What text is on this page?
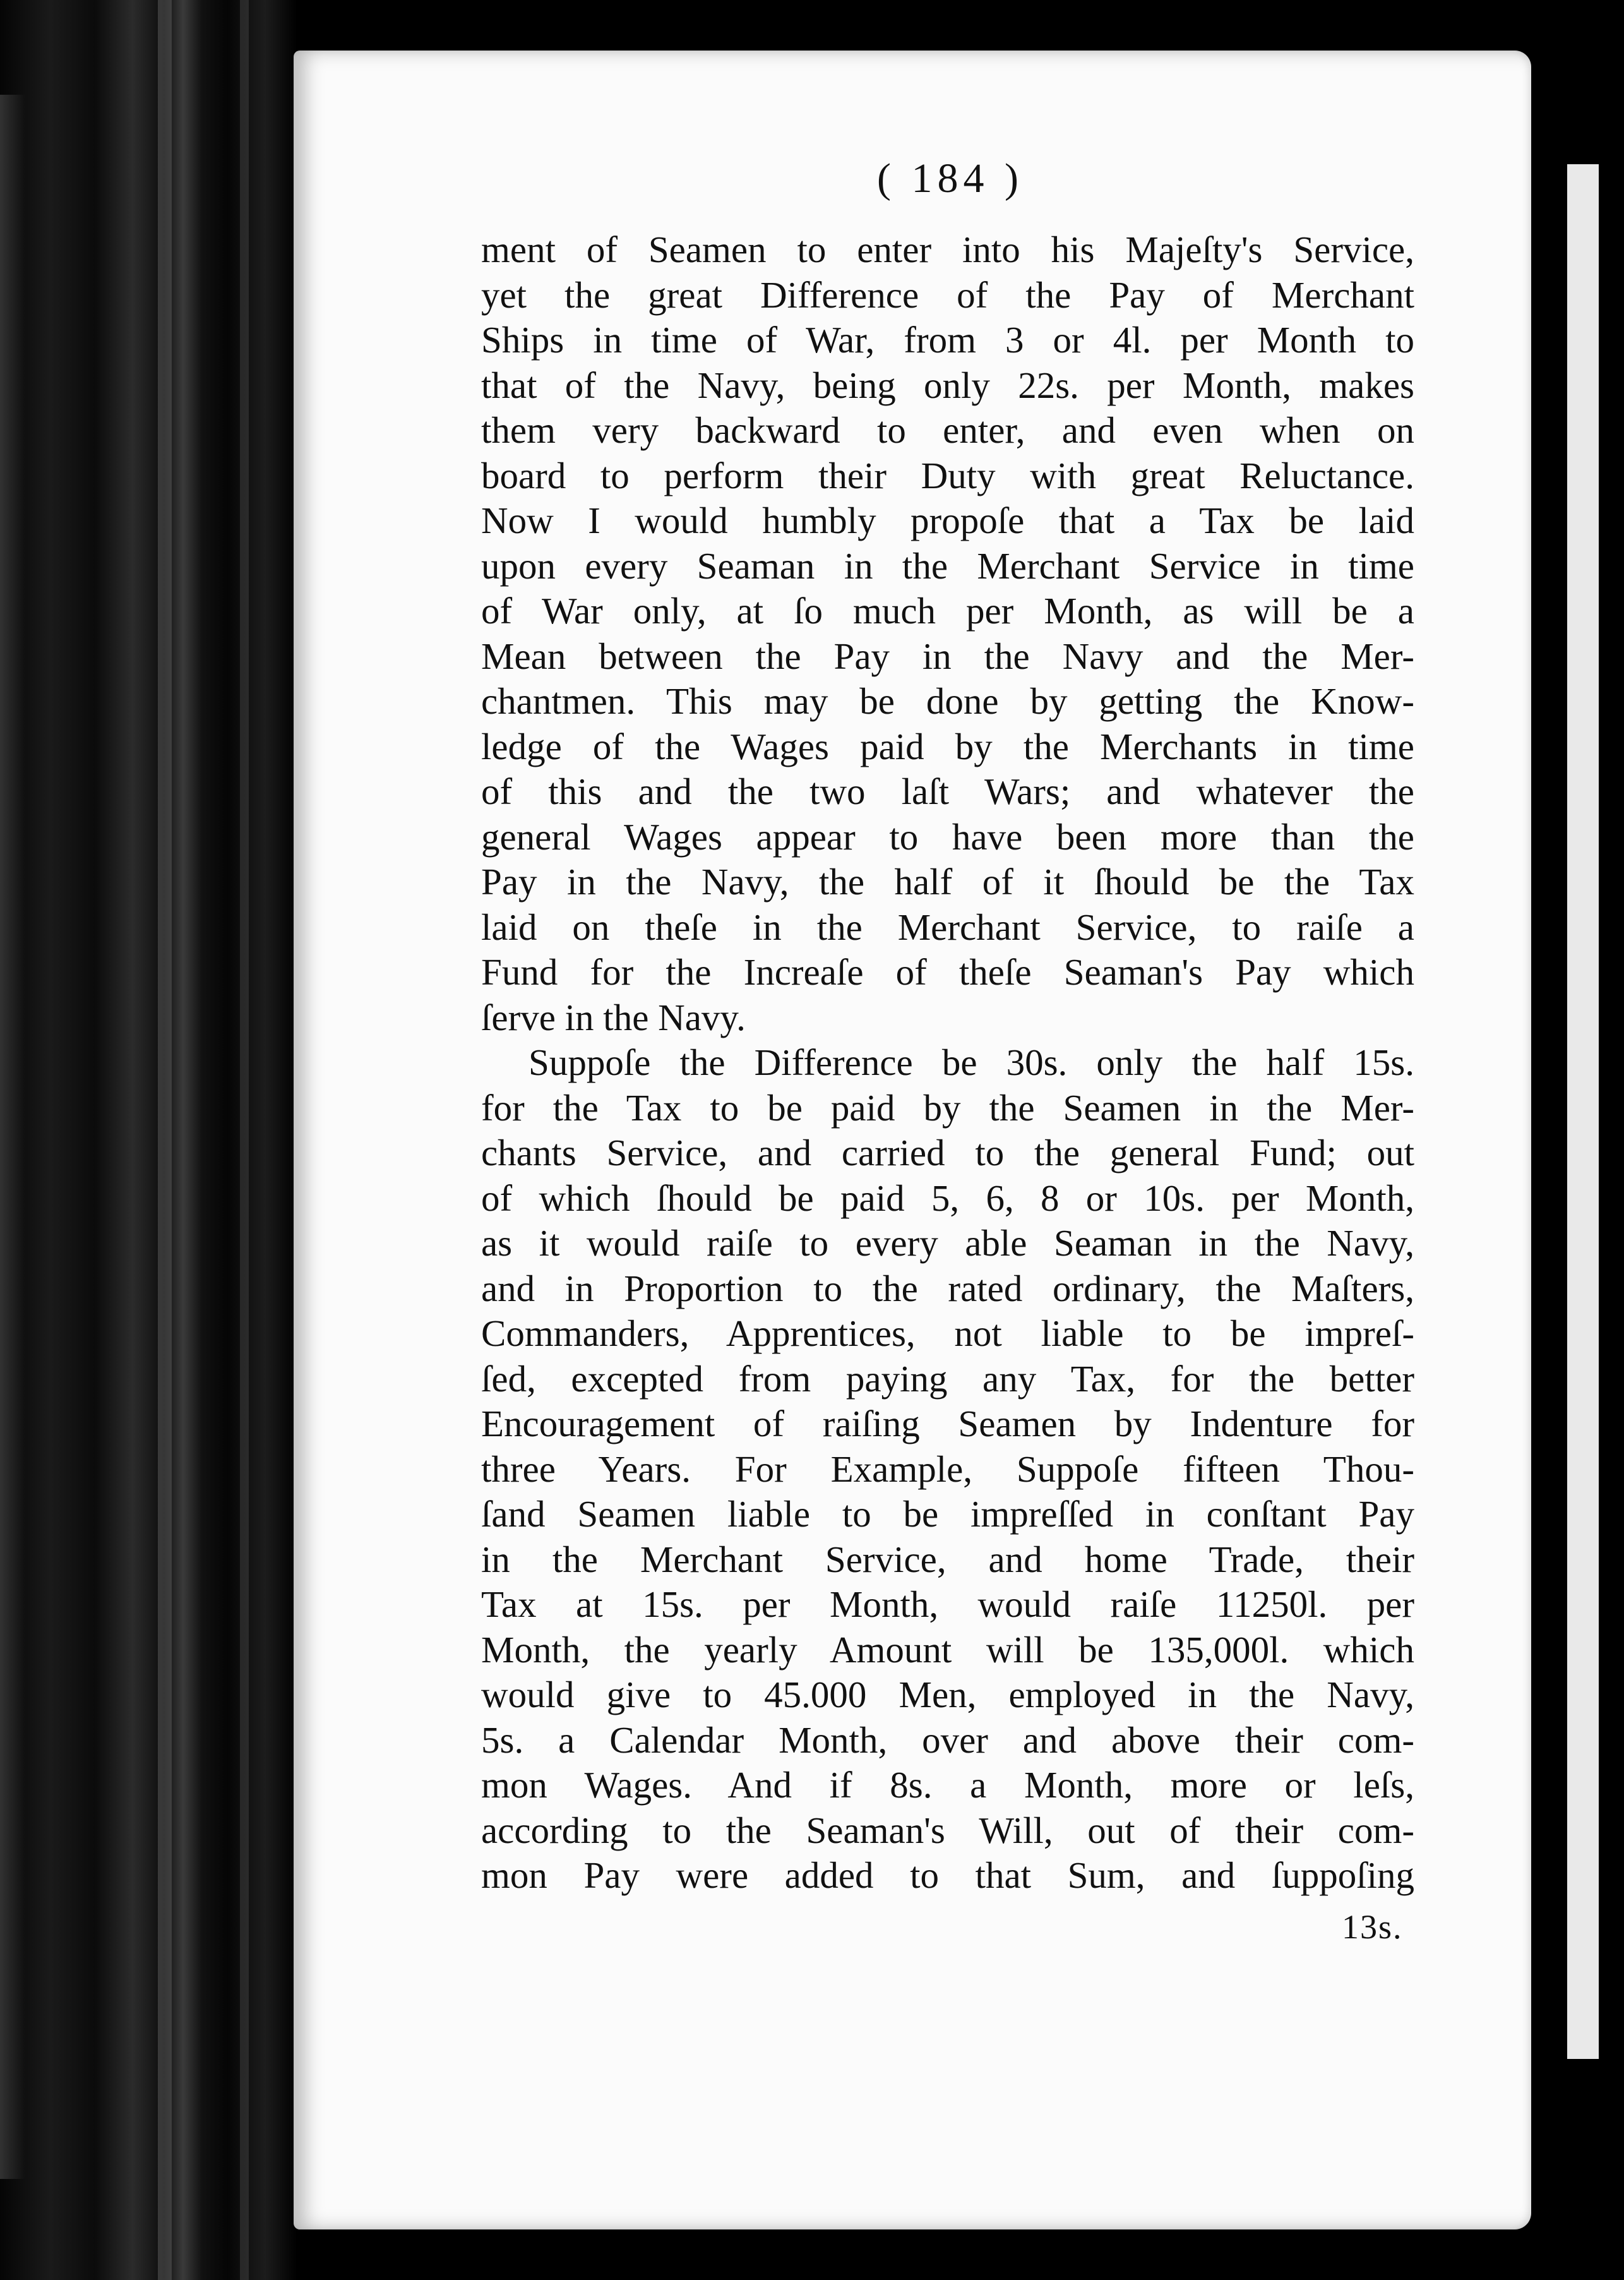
( 184 )
ment of Seamen to enter into his Majeſty's Service,
yet the great Difference of the Pay of Merchant
Ships in time of War, from 3 or 4l. per Month to
that of the Navy, being only 22s. per Month, makes
them very backward to enter, and even when on
board to perform their Duty with great Reluctance.
Now I would humbly propoſe that a Tax be laid
upon every Seaman in the Merchant Service in time
of War only, at ſo much per Month, as will be a
Mean between the Pay in the Navy and the Mer-
chantmen. This may be done by getting the Know-
ledge of the Wages paid by the Merchants in time
of this and the two laſt Wars; and whatever the
general Wages appear to have been more than the
Pay in the Navy, the half of it ſhould be the Tax
laid on theſe in the Merchant Service, to raiſe a
Fund for the Increaſe of theſe Seaman's Pay which
ſerve in the Navy.
Suppoſe the Difference be 30s. only the half 15s.
for the Tax to be paid by the Seamen in the Mer-
chants Service, and carried to the general Fund; out
of which ſhould be paid 5, 6, 8 or 10s. per Month,
as it would raiſe to every able Seaman in the Navy,
and in Proportion to the rated ordinary, the Maſters,
Commanders, Apprentices, not liable to be impreſ-
ſed, excepted from paying any Tax, for the better
Encouragement of raiſing Seamen by Indenture for
three Years. For Example, Suppoſe fifteen Thou-
ſand Seamen liable to be impreſſed in conſtant Pay
in the Merchant Service, and home Trade, their
Tax at 15s. per Month, would raiſe 11250l. per
Month, the yearly Amount will be 135,000l. which
would give to 45.000 Men, employed in the Navy,
5s. a Calendar Month, over and above their com-
mon Wages. And if 8s. a Month, more or leſs,
according to the Seaman's Will, out of their com-
mon Pay were added to that Sum, and ſuppoſing
13s.
